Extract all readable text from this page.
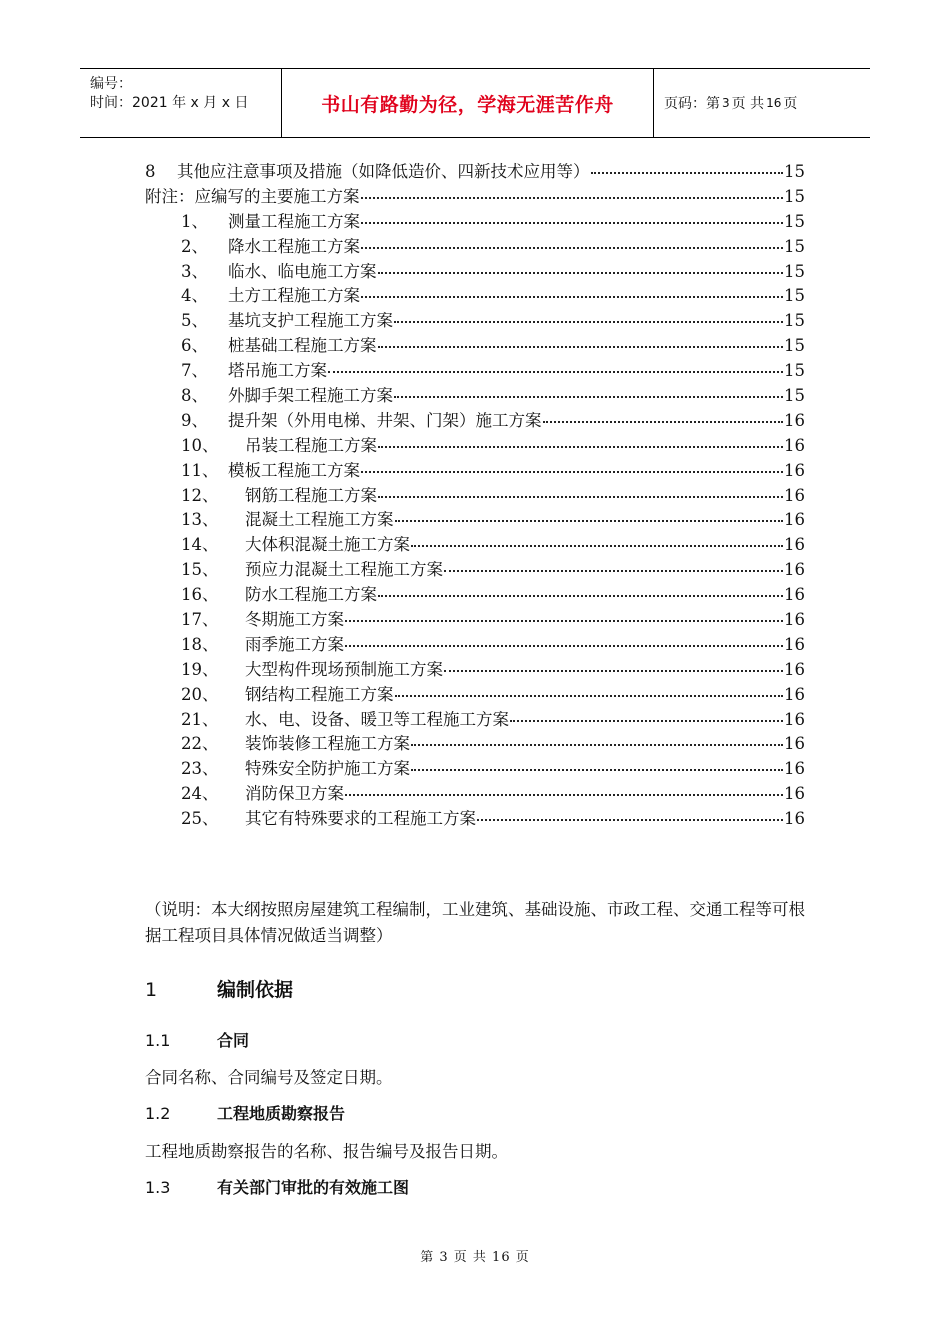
编号：
时间：2021 年 x 月 x 日	书山有路勤为径，学海无涯苦作舟	页码：第 3 页 共 16 页
8	其他应注意事项及措施（如降低造价、四新技术应用等）	15
附注：应编写的主要施工方案	15
1、	测量工程施工方案	15
2、	降水工程施工方案	15
3、	临水、临电施工方案	15
4、	土方工程施工方案	15
5、	基坑支护工程施工方案	15
6、	桩基础工程施工方案	15
7、	塔吊施工方案	15
8、	外脚手架工程施工方案	15
9、	提升架（外用电梯、井架、门架）施工方案	16
10、	吊装工程施工方案	16
11、 模板工程施工方案	16
12、	钢筋工程施工方案	16
13、	混凝土工程施工方案	16
14、	大体积混凝土施工方案	16
15、	预应力混凝土工程施工方案	16
16、	防水工程施工方案	16
17、	冬期施工方案	16
18、	雨季施工方案	16
19、	大型构件现场预制施工方案	16
20、	钢结构工程施工方案	16
21、	水、电、设备、暖卫等工程施工方案	16
22、	装饰装修工程施工方案	16
23、	特殊安全防护施工方案	16
24、	消防保卫方案	16
25、	其它有特殊要求的工程施工方案	16
（说明：本大纲按照房屋建筑工程编制，工业建筑、基础设施、市政工程、交通工程等可根据工程项目具体情况做适当调整）
1	编制依据
1.1	合同
合同名称、合同编号及签定日期。
1.2	工程地质勘察报告
工程地质勘察报告的名称、报告编号及报告日期。
1.3	有关部门审批的有效施工图
第 3 页 共 16 页
